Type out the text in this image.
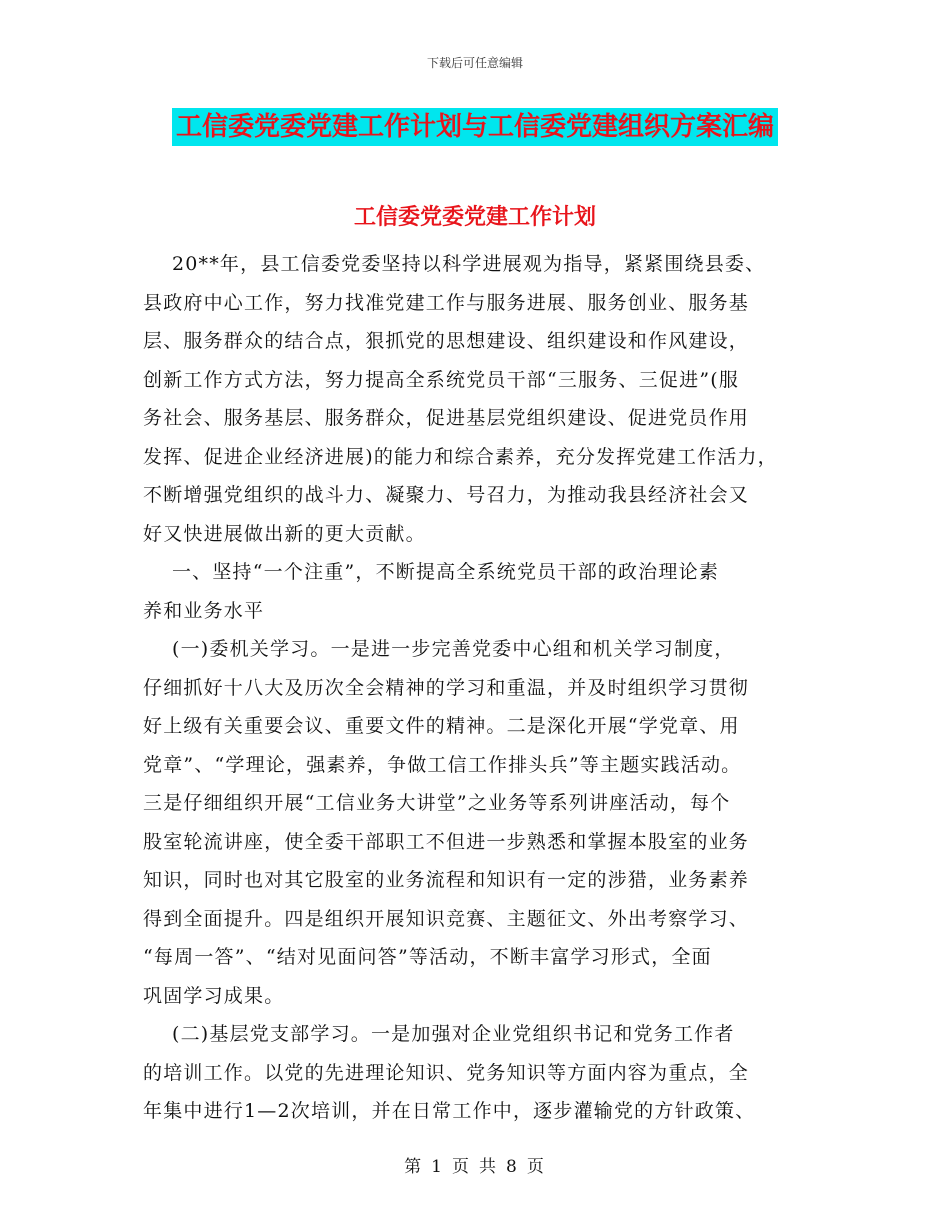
下载后可任意编辑
工信委党委党建工作计划与工信委党建组织方案汇编
工信委党委党建工作计划
20**年，县工信委党委坚持以科学进展观为指导，紧紧围绕县委、
县政府中心工作，努力找准党建工作与服务进展、服务创业、服务基
层、服务群众的结合点，狠抓党的思想建设、组织建设和作风建设，
创新工作方式方法，努力提高全系统党员干部“三服务、三促进”(服
务社会、服务基层、服务群众，促进基层党组织建设、促进党员作用
发挥、促进企业经济进展)的能力和综合素养，充分发挥党建工作活力，
不断增强党组织的战斗力、凝聚力、号召力，为推动我县经济社会又
好又快进展做出新的更大贡献。
一、坚持“一个注重”，不断提高全系统党员干部的政治理论素
养和业务水平
(一)委机关学习。一是进一步完善党委中心组和机关学习制度，
仔细抓好十八大及历次全会精神的学习和重温，并及时组织学习贯彻
好上级有关重要会议、重要文件的精神。二是深化开展“学党章、用
党章”、“学理论，强素养，争做工信工作排头兵”等主题实践活动。
三是仔细组织开展“工信业务大讲堂”之业务等系列讲座活动，每个
股室轮流讲座，使全委干部职工不但进一步熟悉和掌握本股室的业务
知识，同时也对其它股室的业务流程和知识有一定的涉猎，业务素养
得到全面提升。四是组织开展知识竞赛、主题征文、外出考察学习、
“每周一答”、“结对见面问答”等活动，不断丰富学习形式，全面
巩固学习成果。
(二)基层党支部学习。一是加强对企业党组织书记和党务工作者
的培训工作。以党的先进理论知识、党务知识等方面内容为重点，全
年集中进行1—2次培训，并在日常工作中，逐步灌输党的方针政策、
第 1 页 共 8 页
